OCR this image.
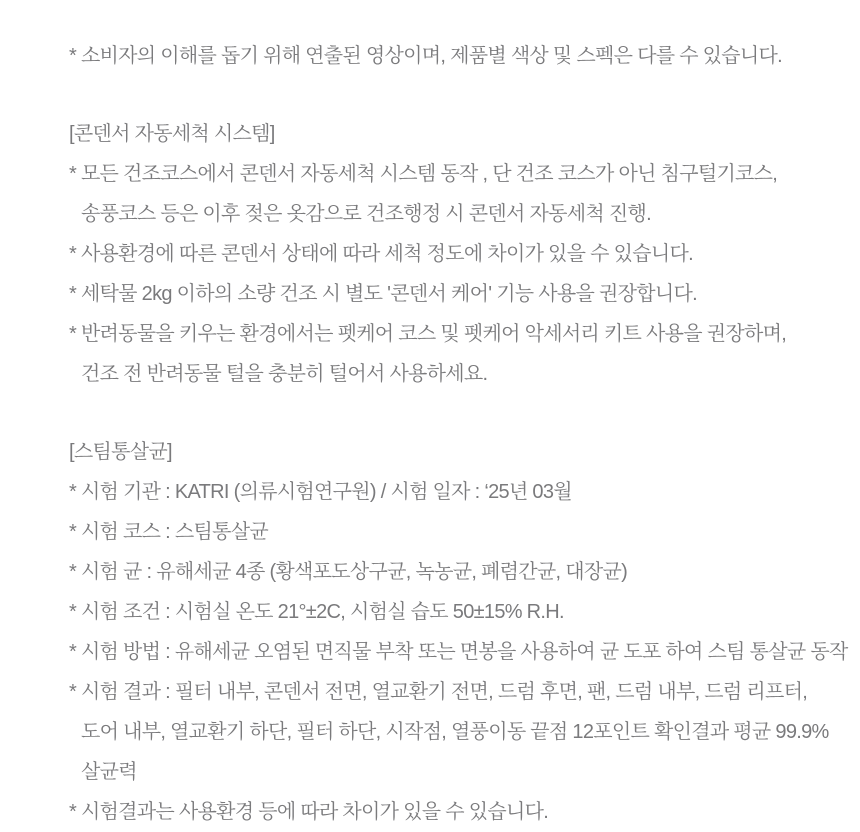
* 소비자의 이해를 돕기 위해 연출된 영상이며, 제품별 색상 및 스펙은 다를 수 있습니다.

[콘덴서 자동세척 시스템]

* 모든 건조코스에서 콘덴서 자동세척 시스템 동작 , 단 건조 코스가 아닌 침구털기코스,

송풍코스 등은 이후 젖은 옷감으로 건조행정 시 콘덴서 자동세척 진행.

* 사용환경에 따른 콘덴서 상태에 따라 세척 정도에 차이가 있을 수 있습니다.

* 세탁물 2kg 이하의 소량 건조 시 별도 '콘덴서 케어' 기능 사용을 권장합니다.

* 반려동물을 키우는 환경에서는 펫케어 코스 및 펫케어 악세서리 키트 사용을 권장하며,

건조 전 반려동물 털을 충분히 털어서 사용하세요.

[스팀통살균]

* 시험 기관 : KATRI (의류시험연구원) / 시험 일자 : ‘25년 03월

* 시험 코스 : 스팀통살균

* 시험 균 : 유해세균 4종 (황색포도상구균, 녹농균, 폐렴간균, 대장균)

* 시험 조건 : 시험실 온도 21°±2C, 시험실 습도 50±15% R.H.

* 시험 방법 : 유해세균 오염된 면직물 부착 또는 면봉을 사용하여 균 도포 하여 스팀 통살균 동작

* 시험 결과 : 필터 내부, 콘덴서 전면, 열교환기 전면, 드럼 후면, 팬, 드럼 내부, 드럼 리프터,

도어 내부, 열교환기 하단, 필터 하단, 시작점, 열풍이동 끝점 12포인트 확인결과 평균 99.9%

살균력

* 시험결과는 사용환경 등에 따라 차이가 있을 수 있습니다.
